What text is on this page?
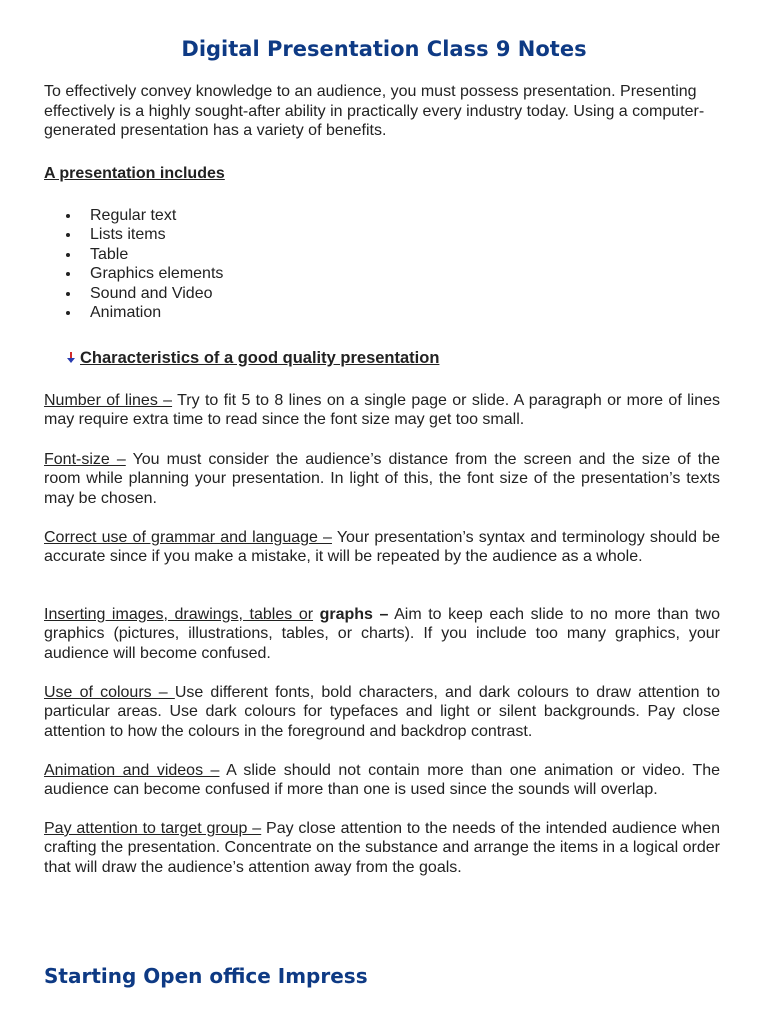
Digital Presentation Class 9 Notes

To effectively convey knowledge to an audience, you must possess presentation. Presenting effectively is a highly sought-after ability in practically every industry today. Using a computer-generated presentation has a variety of benefits.

A presentation includes

Regular text
Lists items
Table
Graphics elements
Sound and Video
Animation

Characteristics of a good quality presentation

Number of lines – Try to fit 5 to 8 lines on a single page or slide. A paragraph or more of lines may require extra time to read since the font size may get too small.

Font-size – You must consider the audience’s distance from the screen and the size of the room while planning your presentation. In light of this, the font size of the presentation’s texts may be chosen.

Correct use of grammar and language – Your presentation’s syntax and terminology should be accurate since if you make a mistake, it will be repeated by the audience as a whole.

Inserting images, drawings, tables or graphs – Aim to keep each slide to no more than two graphics (pictures, illustrations, tables, or charts). If you include too many graphics, your audience will become confused.

Use of colours – Use different fonts, bold characters, and dark colours to draw attention to particular areas. Use dark colours for typefaces and light or silent backgrounds. Pay close attention to how the colours in the foreground and backdrop contrast.

Animation and videos – A slide should not contain more than one animation or video. The audience can become confused if more than one is used since the sounds will overlap.

Pay attention to target group – Pay close attention to the needs of the intended audience when crafting the presentation. Concentrate on the substance and arrange the items in a logical order that will draw the audience’s attention away from the goals.

Starting Open office Impress
